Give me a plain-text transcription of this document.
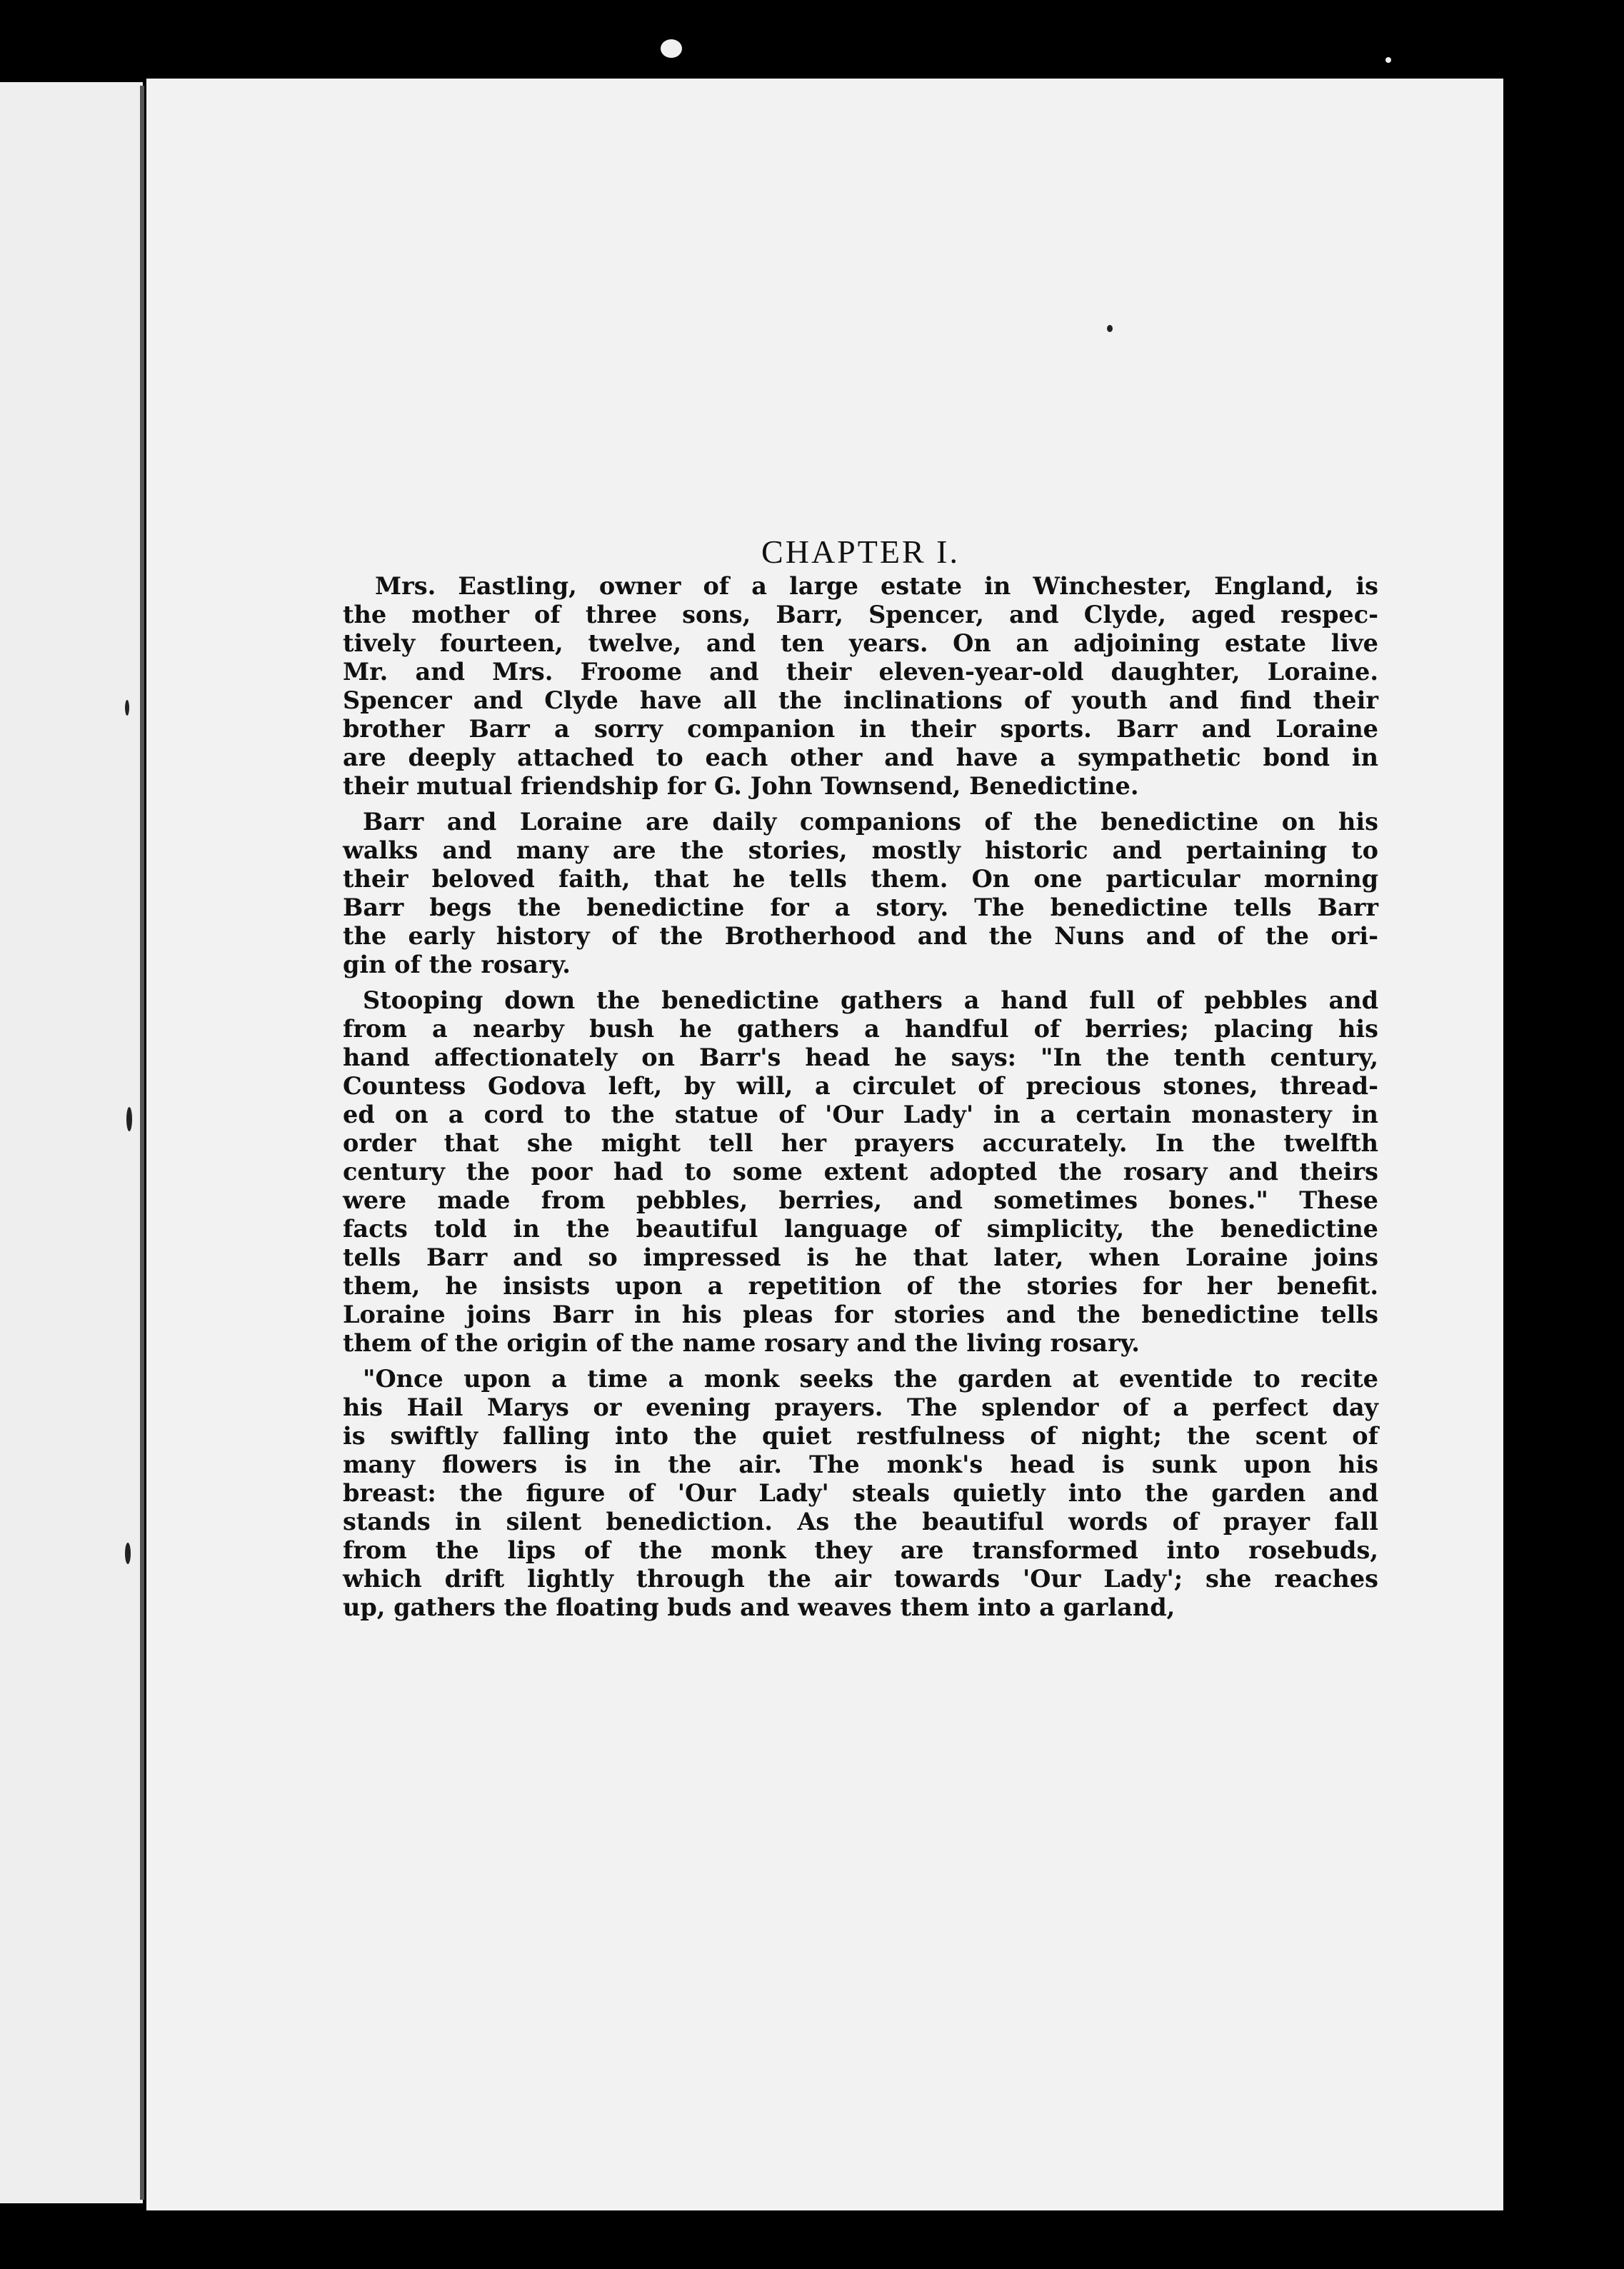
CHAPTER I.
Mrs. Eastling, owner of a large estate in Winchester, England, is
the mother of three sons, Barr, Spencer, and Clyde, aged respec-
tively fourteen, twelve, and ten years. On an adjoining estate live
Mr. and Mrs. Froome and their eleven-year-old daughter, Loraine.
Spencer and Clyde have all the inclinations of youth and find their
brother Barr a sorry companion in their sports. Barr and Loraine
are deeply attached to each other and have a sympathetic bond in
their mutual friendship for G. John Townsend, Benedictine.
Barr and Loraine are daily companions of the benedictine on his
walks and many are the stories, mostly historic and pertaining to
their beloved faith, that he tells them. On one particular morning
Barr begs the benedictine for a story. The benedictine tells Barr
the early history of the Brotherhood and the Nuns and of the ori-
gin of the rosary.
Stooping down the benedictine gathers a hand full of pebbles and
from a nearby bush he gathers a handful of berries; placing his
hand affectionately on Barr's head he says: "In the tenth century,
Countess Godova left, by will, a circulet of precious stones, thread-
ed on a cord to the statue of 'Our Lady' in a certain monastery in
order that she might tell her prayers accurately. In the twelfth
century the poor had to some extent adopted the rosary and theirs
were made from pebbles, berries, and sometimes bones." These
facts told in the beautiful language of simplicity, the benedictine
tells Barr and so impressed is he that later, when Loraine joins
them, he insists upon a repetition of the stories for her benefit.
Loraine joins Barr in his pleas for stories and the benedictine tells
them of the origin of the name rosary and the living rosary.
"Once upon a time a monk seeks the garden at eventide to recite
his Hail Marys or evening prayers. The splendor of a perfect day
is swiftly falling into the quiet restfulness of night; the scent of
many flowers is in the air. The monk's head is sunk upon his
breast: the figure of 'Our Lady' steals quietly into the garden and
stands in silent benediction. As the beautiful words of prayer fall
from the lips of the monk they are transformed into rosebuds,
which drift lightly through the air towards 'Our Lady'; she reaches
up, gathers the floating buds and weaves them into a garland,
